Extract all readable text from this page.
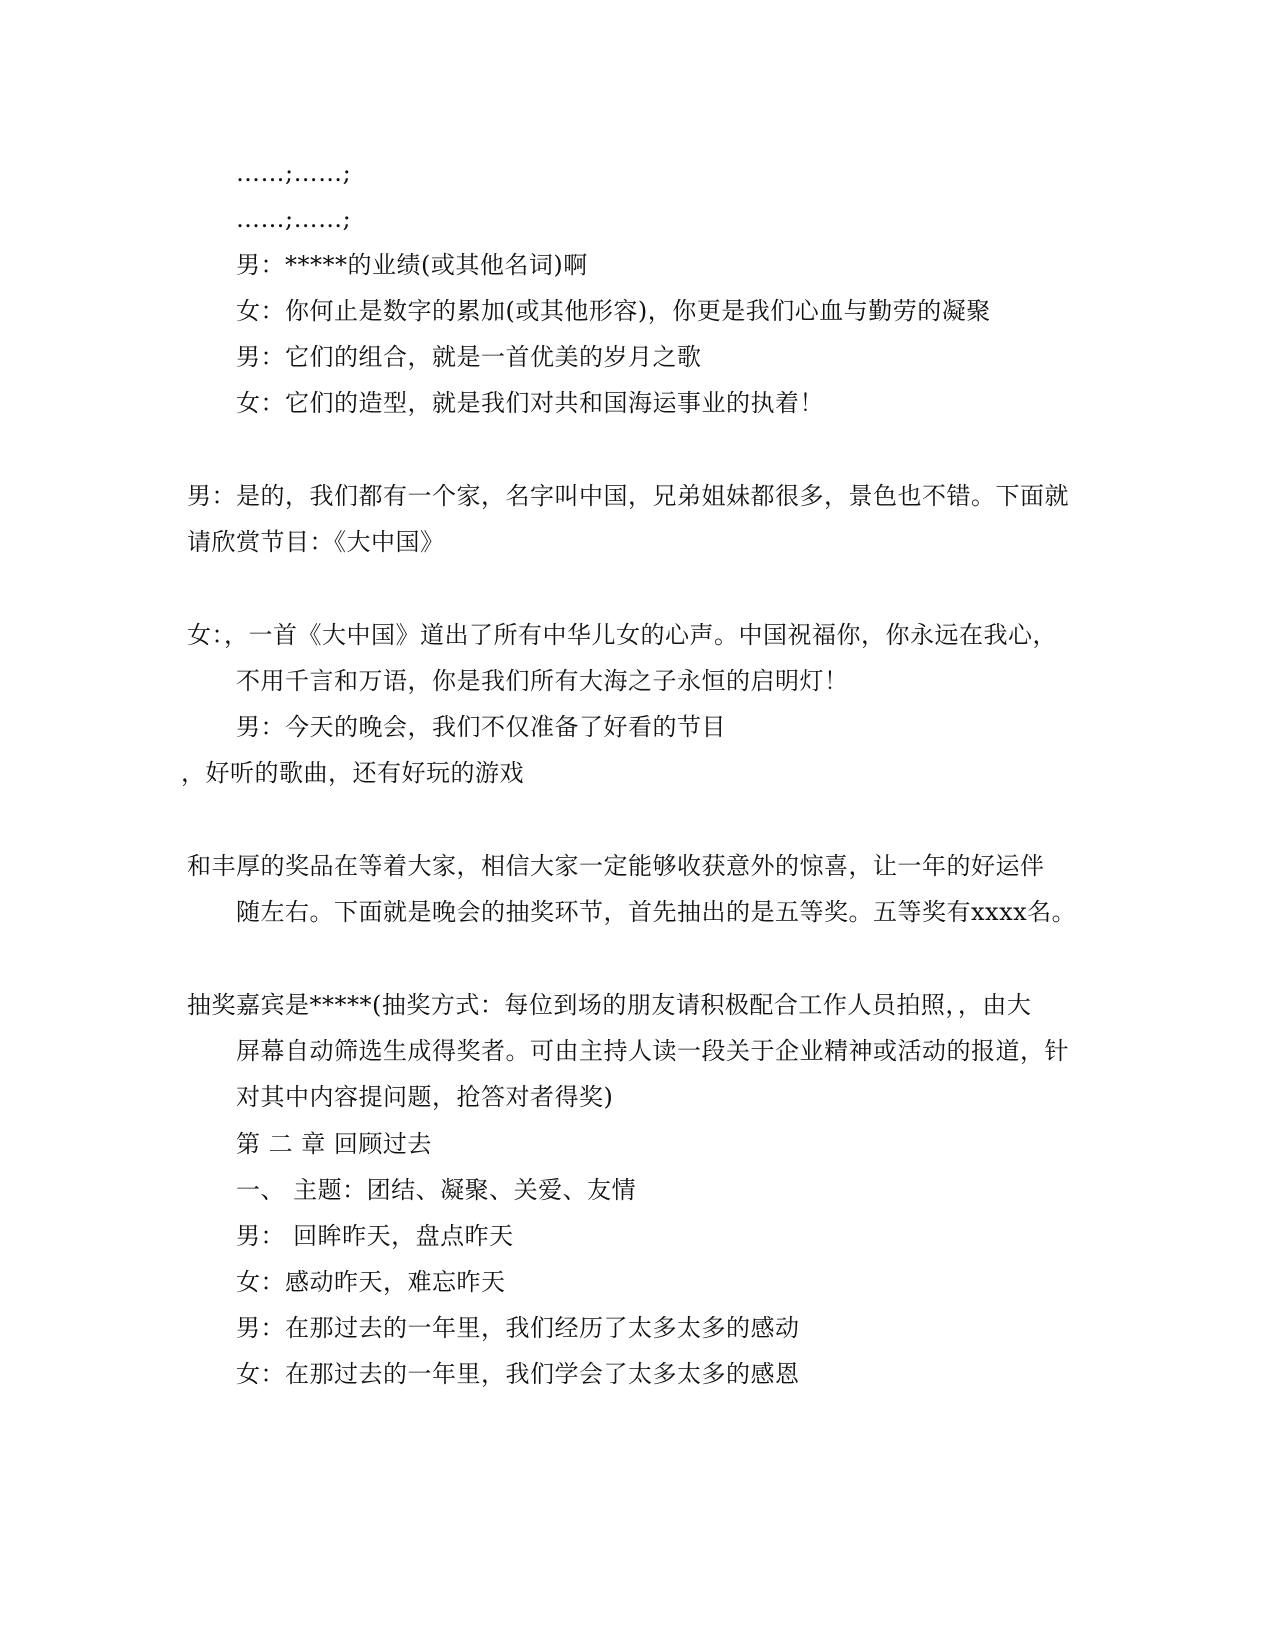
……;……;
……;……;
男：*****的业绩(或其他名词)啊
女：你何止是数字的累加(或其他形容)，你更是我们心血与勤劳的凝聚
男：它们的组合，就是一首优美的岁月之歌
女：它们的造型，就是我们对共和国海运事业的执着！
男：是的，我们都有一个家，名字叫中国，兄弟姐妹都很多，景色也不错。下面就
请欣赏节目：《大中国》
女：，一首《大中国》道出了所有中华儿女的心声。中国祝福你，你永远在我心，
不用千言和万语，你是我们所有大海之子永恒的启明灯！
男：今天的晚会，我们不仅准备了好看的节目
，好听的歌曲，还有好玩的游戏
和丰厚的奖品在等着大家，相信大家一定能够收获意外的惊喜，让一年的好运伴
随左右。下面就是晚会的抽奖环节，首先抽出的是五等奖。五等奖有xxxx名。
抽奖嘉宾是*****(抽奖方式：每位到场的朋友请积极配合工作人员拍照，，由大
屏幕自动筛选生成得奖者。可由主持人读一段关于企业精神或活动的报道，针
对其中内容提问题，抢答对者得奖)
第 二 章 回顾过去
一、 主题：团结、凝聚、关爱、友情
男： 回眸昨天，盘点昨天
女：感动昨天，难忘昨天
男：在那过去的一年里，我们经历了太多太多的感动
女：在那过去的一年里，我们学会了太多太多的感恩
